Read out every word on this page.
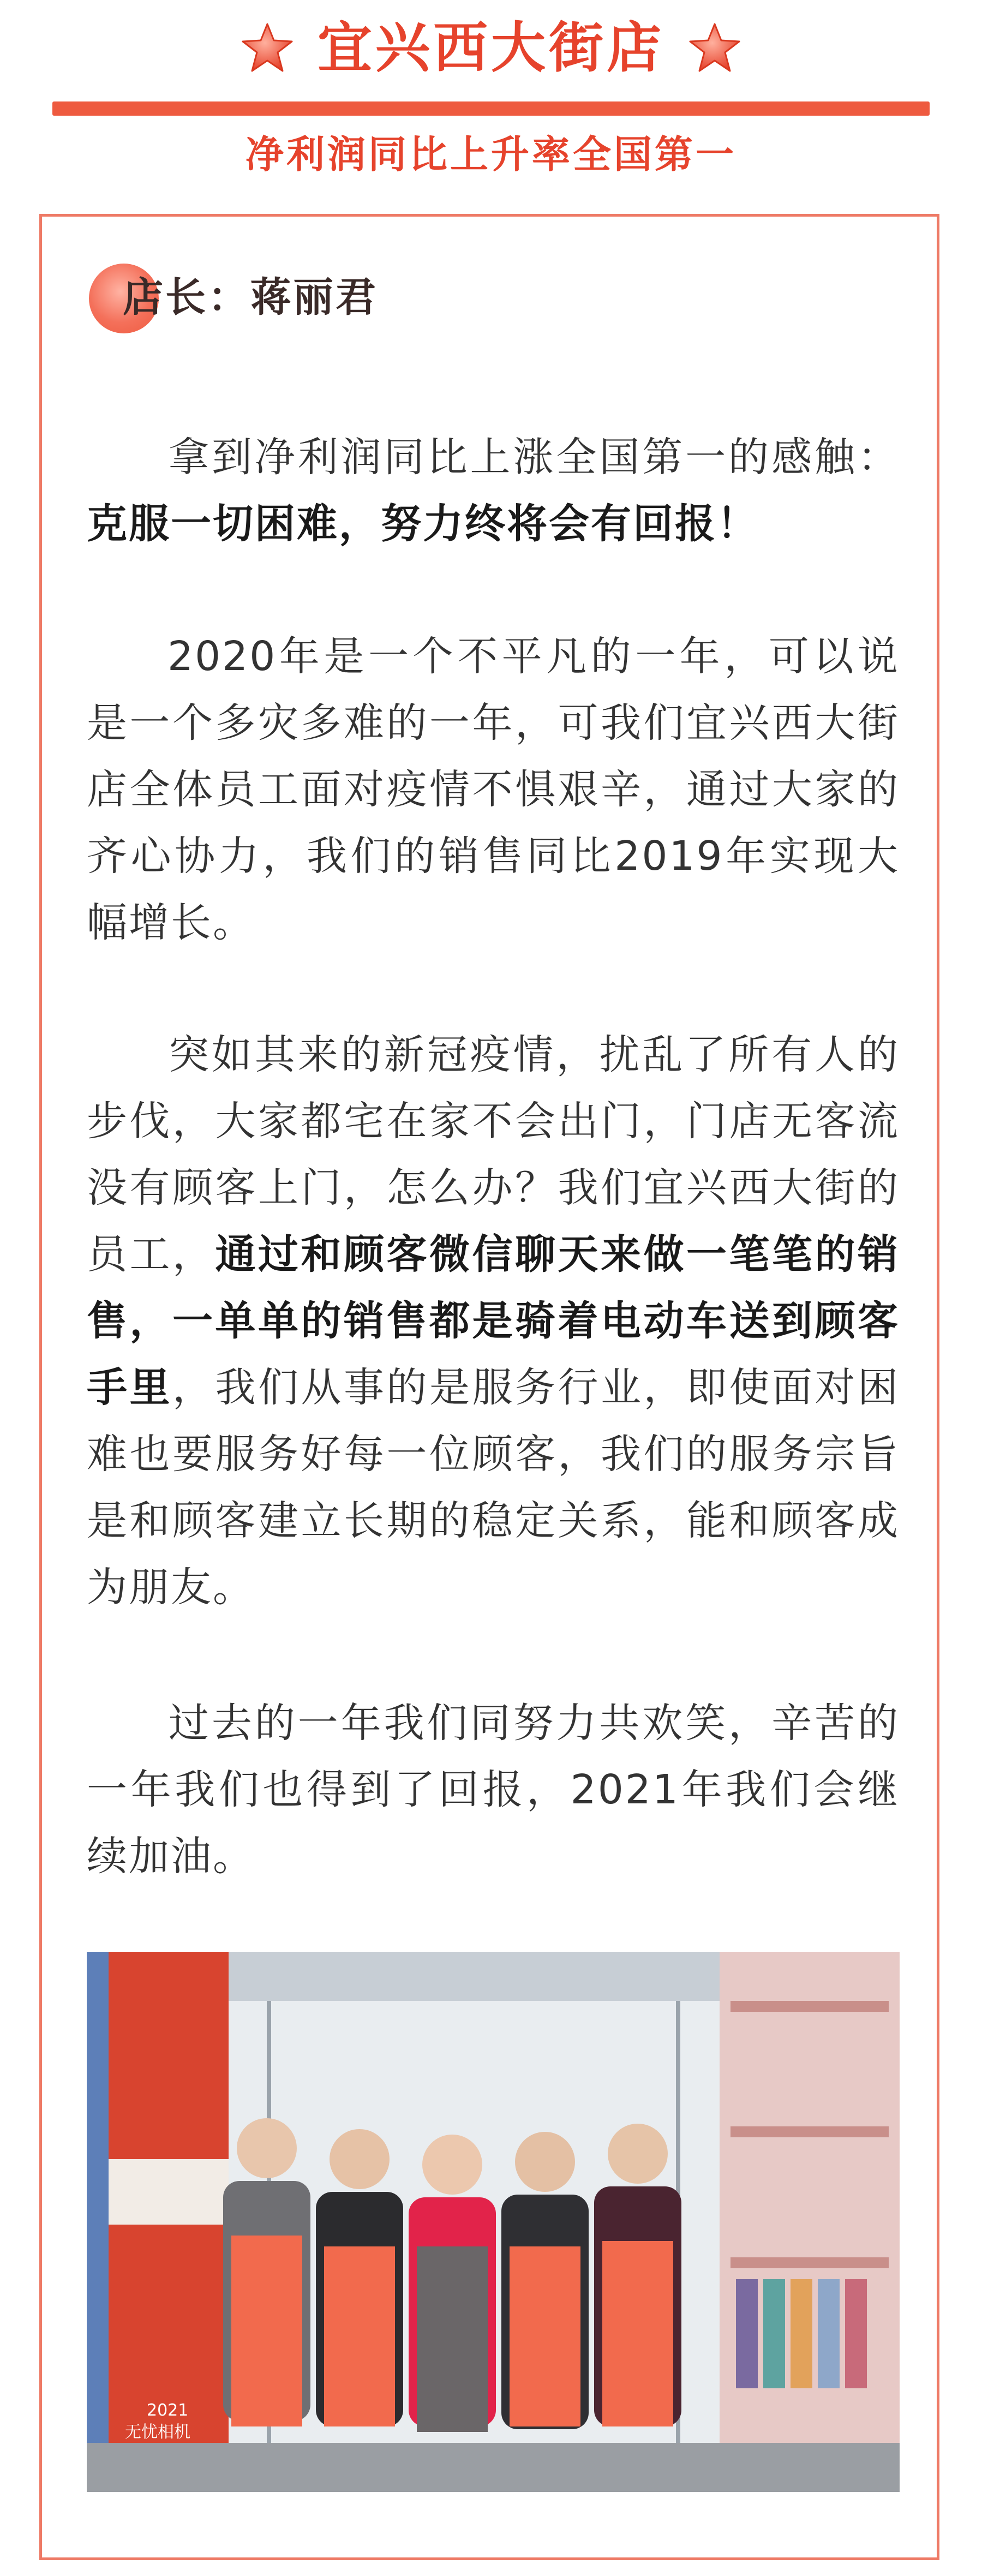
宜兴西大街店
净利润同比上升率全国第一
店长：蒋丽君

拿到净利润同比上涨全国第一的感触：克服一切困难，努力终将会有回报！

2020年是一个不平凡的一年，可以说是一个多灾多难的一年，可我们宜兴西大街店全体员工面对疫情不惧艰辛，通过大家的齐心协力，我们的销售同比2019年实现大幅增长。

突如其来的新冠疫情，扰乱了所有人的步伐，大家都宅在家不会出门，门店无客流没有顾客上门，怎么办？我们宜兴西大街的员工，通过和顾客微信聊天来做一笔笔的销售，一单单的销售都是骑着电动车送到顾客手里，我们从事的是服务行业，即使面对困难也要服务好每一位顾客，我们的服务宗旨是和顾客建立长期的稳定关系，能和顾客成为朋友。

过去的一年我们同努力共欢笑，辛苦的一年我们也得到了回报，2021年我们会继续加油。

2021
无忧相机
